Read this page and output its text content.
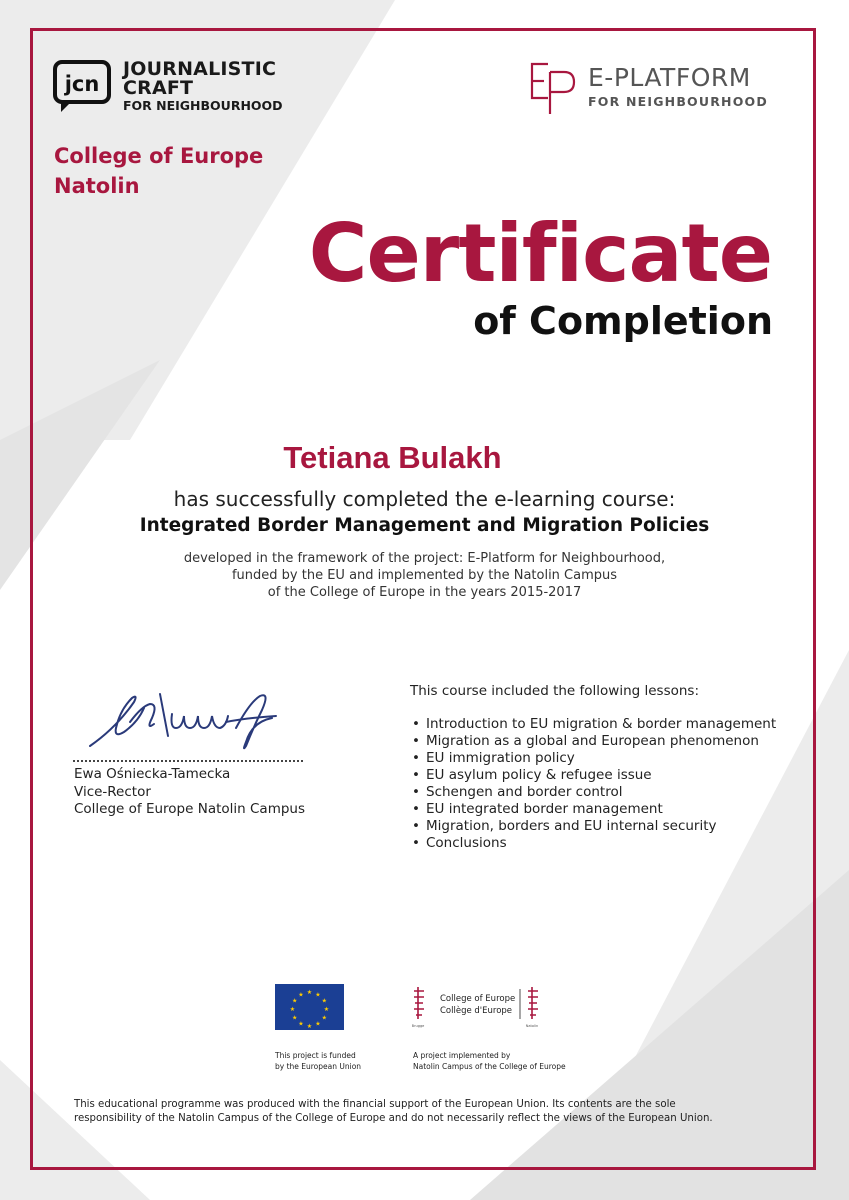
jcn
JOURNALISTIC
CRAFT
FOR NEIGHBOURHOOD
College of Europe
Natolin
E-PLATFORM
FOR NEIGHBOURHOOD
Certificate
of Completion
Tetiana Bulakh
has successfully completed the e-learning course:
Integrated Border Management and Migration Policies
developed in the framework of the project: E-Platform for Neighbourhood,
funded by the EU and implemented by the Natolin Campus
of the College of Europe in the years 2015-2017
Ewa Ośniecka-Tamecka
Vice-Rector
College of Europe Natolin Campus
This course included the following lessons:
• Introduction to EU migration & border management
• Migration as a global and European phenomenon
• EU immigration policy
• EU asylum policy & refugee issue
• Schengen and border control
• EU integrated border management
• Migration, borders and EU internal security
• Conclusions
★ ★
★
★
★
★
★
★
★
★
★
★
This project is funded
by the European Union
Brugge	Natolin
College of Europe
Collège d'Europe
A project implemented by
Natolin Campus of the College of Europe
This educational programme was produced with the financial support of the European Union. Its contents are the sole
responsibility of the Natolin Campus of the College of Europe and do not necessarily reflect the views of the European Union.
